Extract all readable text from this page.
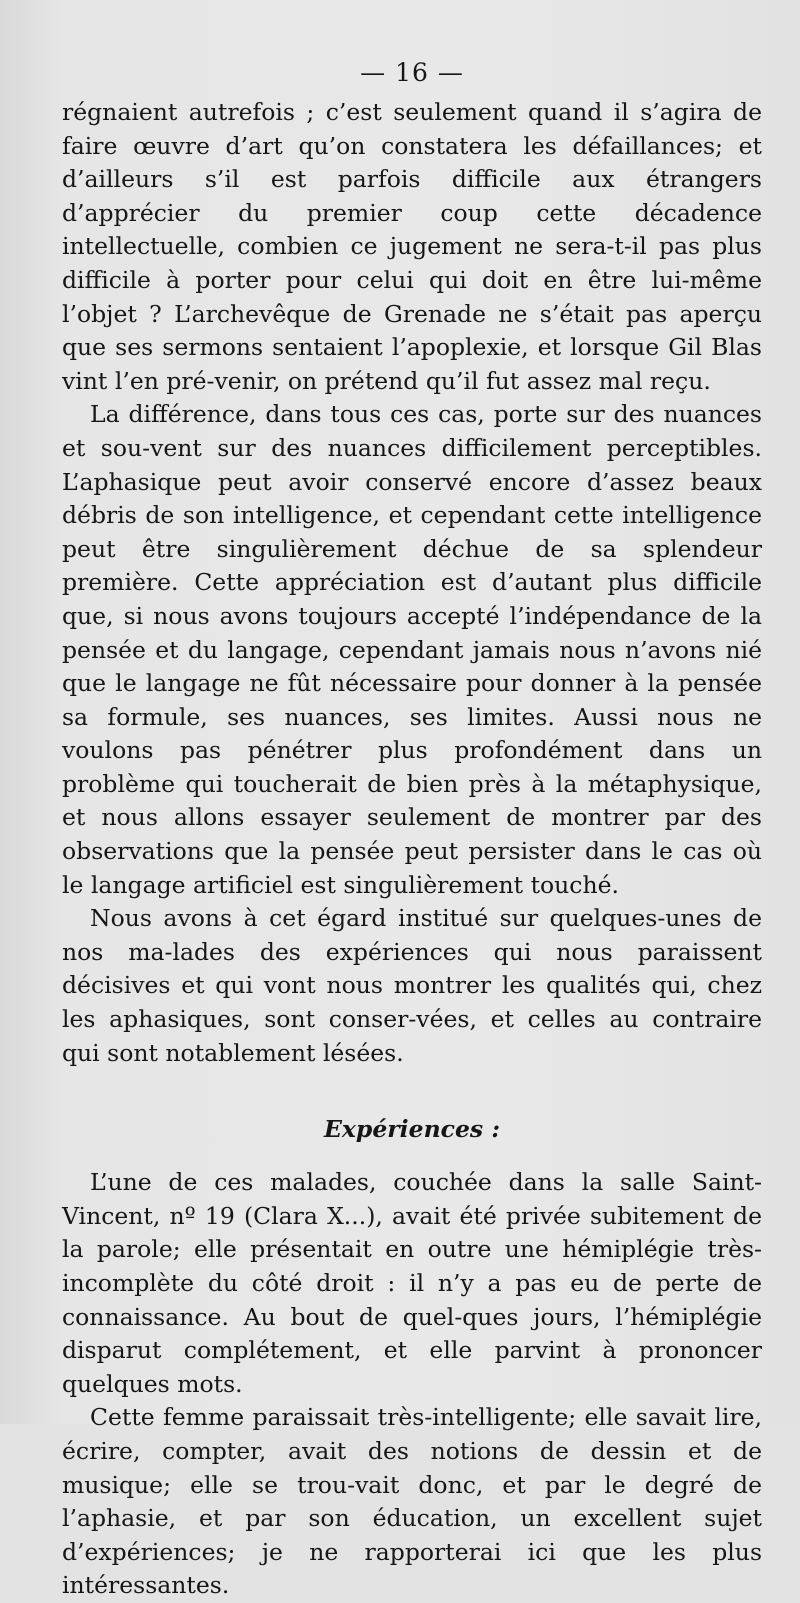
— 16 —

régnaient autrefois ; c’est seulement quand il s’agira de faire œuvre d’art qu’on constatera les défaillances; et d’ailleurs s’il est parfois difficile aux étrangers d’apprécier du premier coup cette décadence intellectuelle, combien ce jugement ne sera-t-il pas plus difficile à porter pour celui qui doit en être lui-même l’objet ? L’archevêque de Grenade ne s’était pas aperçu que ses sermons sentaient l’apoplexie, et lorsque Gil Blas vint l’en pré-venir, on prétend qu’il fut assez mal reçu.

La différence, dans tous ces cas, porte sur des nuances et sou-vent sur des nuances difficilement perceptibles. L’aphasique peut avoir conservé encore d’assez beaux débris de son intelligence, et cependant cette intelligence peut être singulièrement déchue de sa splendeur première. Cette appréciation est d’autant plus difficile que, si nous avons toujours accepté l’indépendance de la pensée et du langage, cependant jamais nous n’avons nié que le langage ne fût nécessaire pour donner à la pensée sa formule, ses nuances, ses limites. Aussi nous ne voulons pas pénétrer plus profondément dans un problème qui toucherait de bien près à la métaphysique, et nous allons essayer seulement de montrer par des observations que la pensée peut persister dans le cas où le langage artificiel est singulièrement touché.

Nous avons à cet égard institué sur quelques-unes de nos ma-lades des expériences qui nous paraissent décisives et qui vont nous montrer les qualités qui, chez les aphasiques, sont conser-vées, et celles au contraire qui sont notablement lésées.

Expériences :

L’une de ces malades, couchée dans la salle Saint-Vincent, nº 19 (Clara X...), avait été privée subitement de la parole; elle présentait en outre une hémiplégie très-incomplète du côté droit : il n’y a pas eu de perte de connaissance. Au bout de quel-ques jours, l’hémiplégie disparut complétement, et elle parvint à prononcer quelques mots.

Cette femme paraissait très-intelligente; elle savait lire, écrire, compter, avait des notions de dessin et de musique; elle se trou-vait donc, et par le degré de l’aphasie, et par son éducation, un excellent sujet d’expériences; je ne rapporterai ici que les plus intéressantes.
